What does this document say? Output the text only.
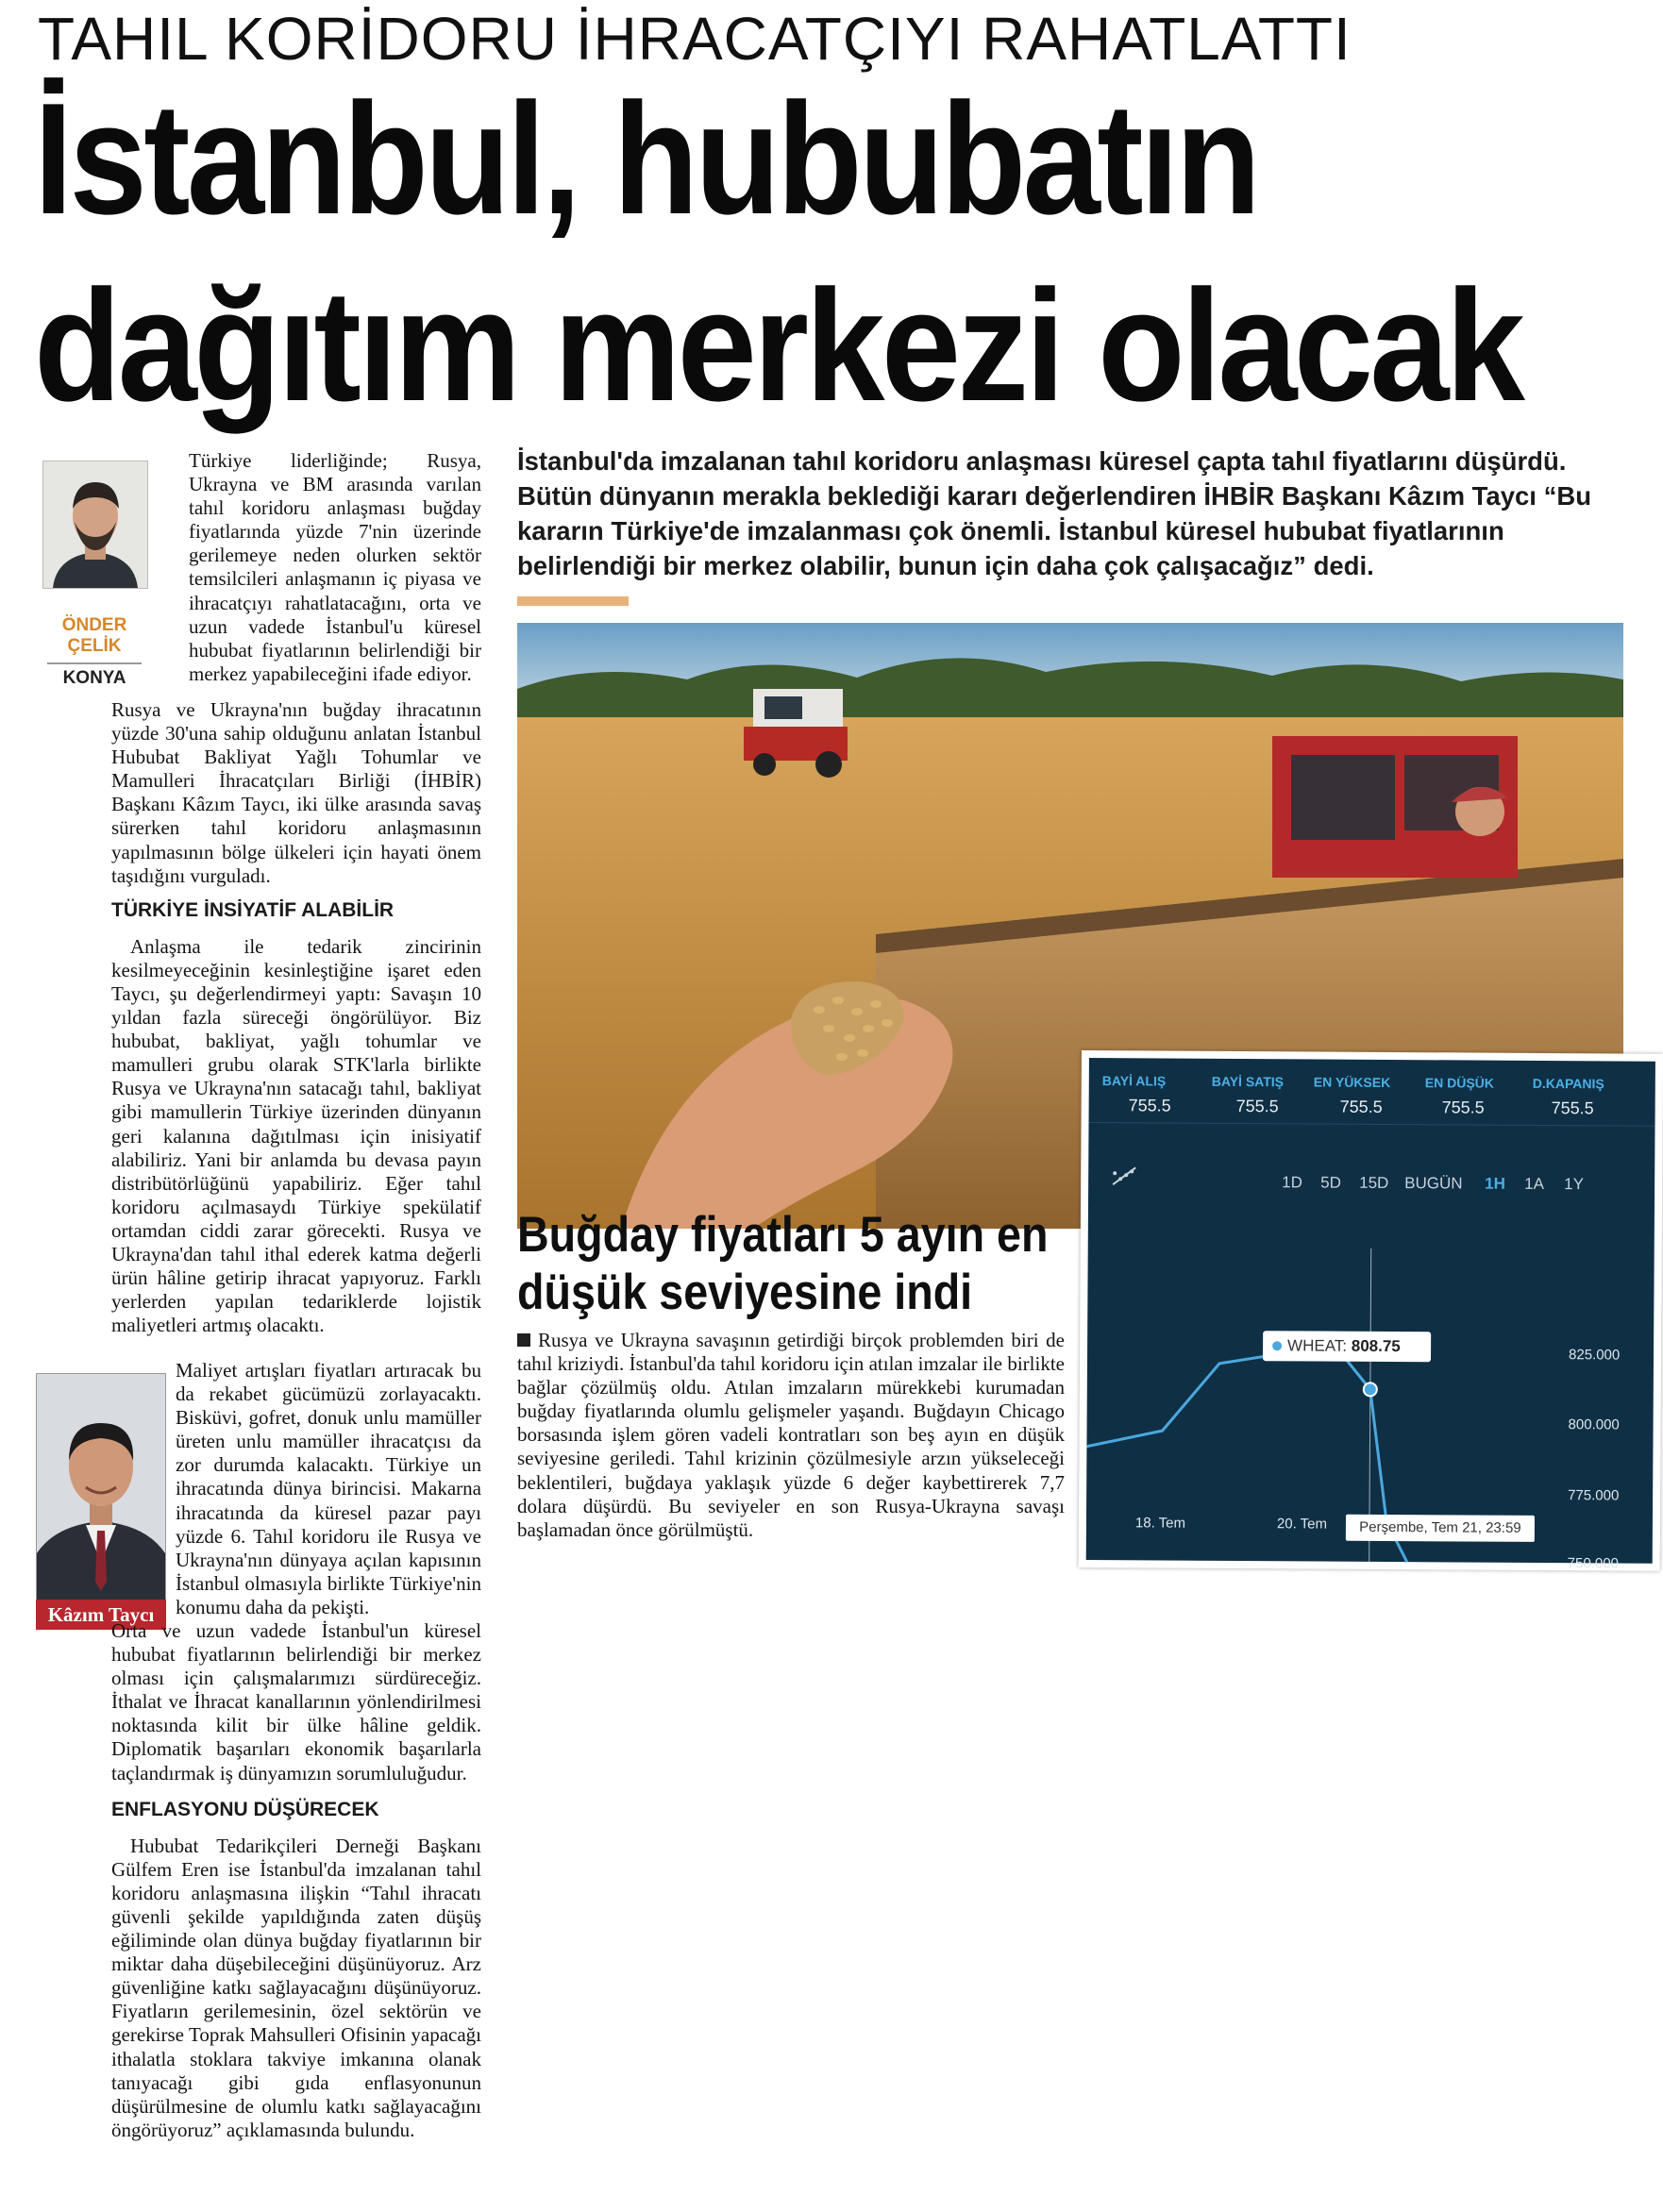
TAHIL KORİDORU İHRACATÇIYI RAHATLATTI
İstanbul, hububatın
dağıtım merkezi olacak
ÖNDER
ÇELİK
KONYA

Türkiye liderliğinde; Rusya, Ukrayna ve BM arasında varılan tahıl koridoru anlaşması buğday fiyatlarında yüzde 7'nin üzerinde gerilemeye neden olurken sektör temsilcileri anlaşmanın iç piyasa ve ihracatçıyı rahatlatacağını, orta ve uzun vadede İstanbul'u küresel hububat fiyatlarının belirlendiği bir merkez yapabileceğini ifade ediyor.

Rusya ve Ukrayna'nın buğday ihracatının yüzde 30'una sahip olduğunu anlatan İstanbul Hububat Bakliyat Yağlı Tohumlar ve Mamulleri İhracatçıları Birliği (İHBİR) Başkanı Kâzım Taycı, iki ülke arasında savaş sürerken tahıl koridoru anlaşmasının yapılmasının bölge ülkeleri için hayati önem taşıdığını vurguladı.

TÜRKİYE İNSİYATİF ALABİLİR

Anlaşma ile tedarik zincirinin kesilmeyeceğinin kesinleştiğine işaret eden Taycı, şu değerlendirmeyi yaptı: Savaşın 10 yıldan fazla süreceği öngörülüyor. Biz hububat, bakliyat, yağlı tohumlar ve mamulleri grubu olarak STK'larla birlikte Rusya ve Ukrayna'nın satacağı tahıl, bakliyat gibi mamullerin Türkiye üzerinden dünyanın geri kalanına dağıtılması için inisiyatif alabiliriz. Yani bir anlamda bu devasa payın distribütörlüğünü yapabiliriz. Eğer tahıl koridoru açılmasaydı Türkiye spekülatif ortamdan ciddi zarar görecekti. Rusya ve Ukrayna'dan tahıl ithal ederek katma değerli ürün hâline getirip ihracat yapıyoruz. Farklı yerlerden yapılan tedariklerde lojistik maliyetleri artmış olacaktı.

Kâzım Taycı

Maliyet artışları fiyatları artıracak bu da rekabet gücümüzü zorlayacaktı. Bisküvi, gofret, donuk unlu mamüller üreten unlu mamüller ihracatçısı da zor durumda kalacaktı. Türkiye un ihracatında dünya birincisi. Makarna ihracatında da küresel pazar payı yüzde 6. Tahıl koridoru ile Rusya ve Ukrayna'nın dünyaya açılan kapısının İstanbul olmasıyla birlikte Türkiye'nin konumu daha da pekişti.

Orta ve uzun vadede İstanbul'un küresel hububat fiyatlarının belirlendiği bir merkez olması için çalışmalarımızı sürdüreceğiz. İthalat ve İhracat kanallarının yönlendirilmesi noktasında kilit bir ülke hâline geldik. Diplomatik başarıları ekonomik başarılarla taçlandırmak iş dünyamızın sorumluluğudur.

ENFLASYONU DÜŞÜRECEK

Hububat Tedarikçileri Derneği Başkanı Gülfem Eren ise İstanbul'da imzalanan tahıl koridoru anlaşmasına ilişkin “Tahıl ihracatı güvenli şekilde yapıldığında zaten düşüş eğiliminde olan dünya buğday fiyatlarının bir miktar daha düşebileceğini düşünüyoruz. Arz güvenliğine katkı sağlayacağını düşünüyoruz. Fiyatların gerilemesinin, özel sektörün ve gerekirse Toprak Mahsulleri Ofisinin yapacağı ithalatla stoklara takviye imkanına olanak tanıyacağı gibi gıda enflasyonunun düşürülmesine de olumlu katkı sağlayacağını öngörüyoruz” açıklamasında bulundu.

İstanbul'da imzalanan tahıl koridoru anlaşması küresel çapta tahıl fiyatlarını düşürdü. Bütün dünyanın merakla beklediği kararı değerlendiren İHBİR Başkanı Kâzım Taycı “Bu kararın Türkiye'de imzalanması çok önemli. İstanbul küresel hububat fiyatlarının belirlendiği bir merkez olabilir, bunun için daha çok çalışacağız” dedi.
Buğday fiyatları 5 ayın en
düşük seviyesine indi

Rusya ve Ukrayna savaşının getirdiği birçok problemden biri de tahıl kriziydi. İstanbul'da tahıl koridoru için atılan imzalar ile birlikte bağlar çözülmüş oldu. Atılan imzaların mürekkebi kurumadan buğday fiyatlarında olumlu gelişmeler yaşandı. Buğdayın Chicago borsasında işlem gören vadeli kontratları son beş ayın en düşük seviyesine geriledi. Tahıl krizinin çözülmesiyle arzın yükseleceği beklentileri, buğdaya yaklaşık yüzde 6 değer kaybettirerek 7,7 dolara düşürdü. Bu seviyeler en son Rusya-Ukrayna savaşı başlamadan önce görülmüştü.

BAYİ ALIŞ
755.5
BAYİ SATIŞ
755.5
EN YÜKSEK
755.5
EN DÜŞÜK
755.5
D.KAPANIŞ
755.5
1D 5D 15D BUGÜN 1H 1A 1Y
825.000
800.000
775.000
750.000
18. Tem	20. Tem
WHEAT: 808.75
Perşembe, Tem 21, 23:59
